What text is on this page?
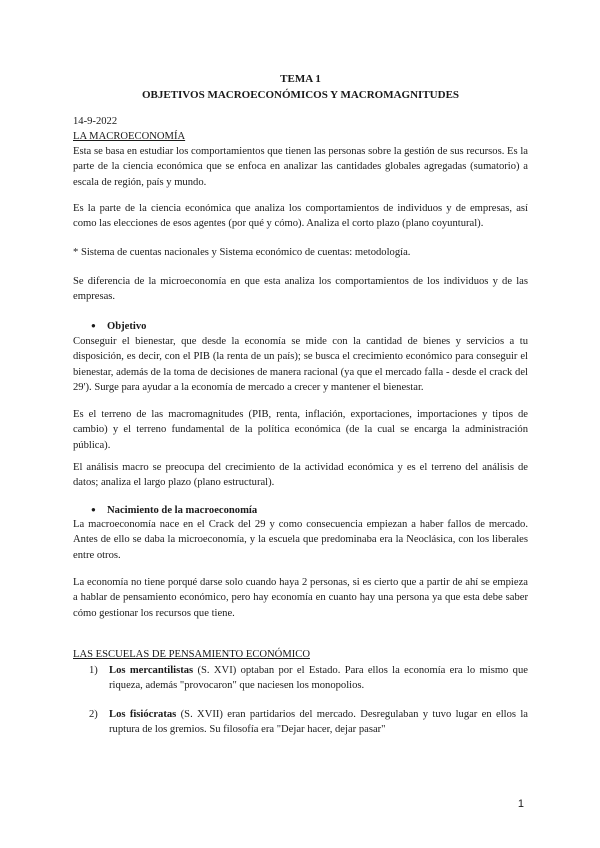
TEMA 1
OBJETIVOS MACROECONÓMICOS Y MACROMAGNITUDES
14-9-2022
LA MACROECONOMÍA

Esta se basa en estudiar los comportamientos que tienen las personas sobre la gestión de sus recursos. Es la parte de la ciencia económica que se enfoca en analizar las cantidades globales agregadas (sumatorio) a escala de región, país y mundo.

Es la parte de la ciencia económica que analiza los comportamientos de individuos y de empresas, así como las elecciones de esos agentes (por qué y cómo). Analiza el corto plazo (plano coyuntural).

* Sistema de cuentas nacionales y Sistema económico de cuentas: metodología.

Se diferencia de la microeconomía en que esta analiza los comportamientos de los individuos y de las empresas.

● Objetivo

Conseguir el bienestar, que desde la economía se mide con la cantidad de bienes y servicios a tu disposición, es decir, con el PIB (la renta de un país); se busca el crecimiento económico para conseguir el bienestar, además de la toma de decisiones de manera racional (ya que el mercado falla - desde el crack del 29'). Surge para ayudar a la economía de mercado a crecer y mantener el bienestar.

Es el terreno de las macromagnitudes (PIB, renta, inflación, exportaciones, importaciones y tipos de cambio) y el terreno fundamental de la política económica (de la cual se encarga la administración pública).

El análisis macro se preocupa del crecimiento de la actividad económica y es el terreno del análisis de datos; analiza el largo plazo (plano estructural).

● Nacimiento de la macroeconomía

La macroeconomía nace en el Crack del 29 y como consecuencia empiezan a haber fallos de mercado. Antes de ello se daba la microeconomía, y la escuela que predominaba era la Neoclásica, con los liberales entre otros.

La economía no tiene porqué darse solo cuando haya 2 personas, si es cierto que a partir de ahí se empieza a hablar de pensamiento económico, pero hay economía en cuanto hay una persona ya que esta debe saber cómo gestionar los recursos que tiene.

LAS ESCUELAS DE PENSAMIENTO ECONÓMICO
1) Los mercantilistas (S. XVI) optaban por el Estado. Para ellos la economía era lo mismo que riqueza, además "provocaron" que naciesen los monopolios.

2) Los fisiócratas (S. XVII) eran partidarios del mercado. Desregulaban y tuvo lugar en ellos la ruptura de los gremios. Su filosofía era "Dejar hacer, dejar pasar"

1
